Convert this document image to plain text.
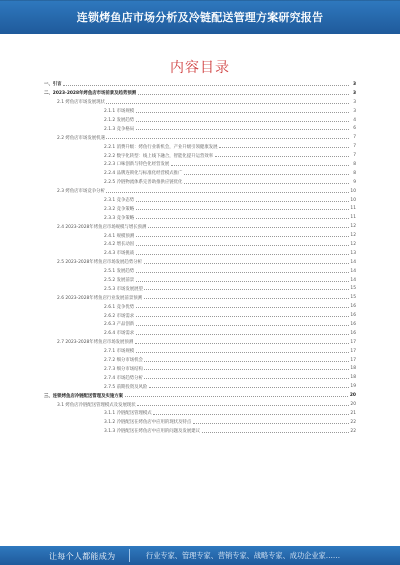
连锁烤鱼店市场分析及冷链配送管理方案研究报告
内容目录
一、引言	3
二、2023-2028年烤鱼店市场前景及趋势预测	3
2.1 烤鱼店市场发展现状	3
2.1.1 市场规模	3
2.1.2 发展趋势	4
2.1.3 竞争格局	6
2.2 烤鱼店市场发展机遇	7
2.2.1 消费升级：烤鱼行业新机会，产业升级引领健康发展	7
2.2.2 数字化转型：线上线下融合，智能化提升运营效率	7
2.2.3 口味创新与特色化经营发展	8
2.2.4 品牌连锁化与标准化经营模式推广	8
2.2.5 冷链物流体系完善助推供应链优化	9
2.3 烤鱼店市场竞争分析	10
2.3.1 竞争态势	10
2.3.2 竞争策略	11
2.3.3 竞争策略	11
2.4 2023-2028年烤鱼店市场规模与增长预测	12
2.4.1 规模预测	12
2.4.2 增长动因	12
2.4.3 市场挑战	13
2.5 2023-2028年烤鱼店市场发展趋势分析	14
2.5.1 发展趋势	14
2.5.2 发展前景	14
2.5.3 市场发展展望	15
2.6 2023-2028年烤鱼店行业发展前景预测	15
2.6.1 竞争优势	16
2.6.2 市场需求	16
2.6.3 产品创新	16
2.6.4 市场需求	16
2.7 2023-2028年烤鱼店市场发展预测	17
2.7.1 市场规模	17
2.7.2 细分市场机会	17
2.7.3 细分市场结构	18
2.7.4 市场趋势分析	18
2.7.5 前期投资及风险	19
三、连锁烤鱼店冷链配送管理及实施方案	20
3.1 烤鱼店冷链配送管理模式及发展现状	20
3.1.1 冷链配送管理模式	21
3.1.2 冷链配送在烤鱼店中应用的现状及特点	22
3.1.3 冷链配送在烤鱼店中应用的问题及发展建议	22
让每个人都能成为	行业专家、管理专家、营销专家、战略专家、成功企业家……
